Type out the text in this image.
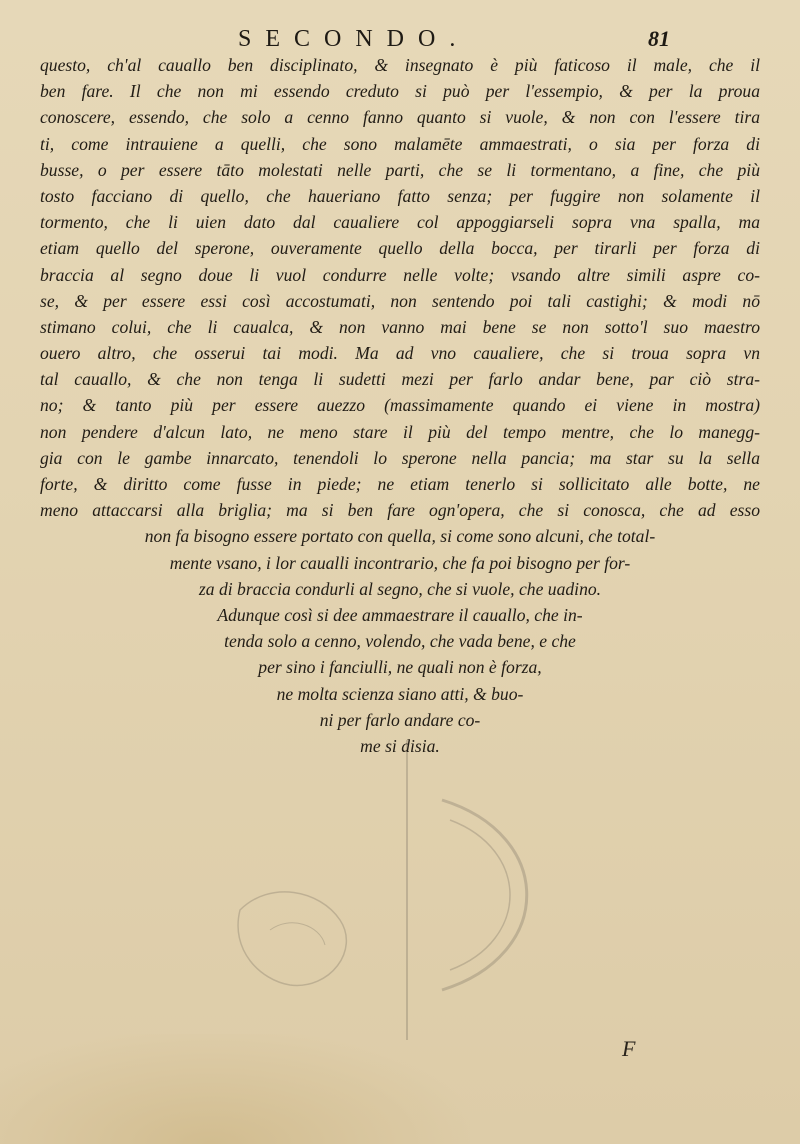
SECONDO.	81
questo, ch'al cauallo ben disciplinato, & insegnato è più faticoso il male, che il
ben fare. Il che non mi essendo creduto si può per l'essempio, & per la proua
conoscere, essendo, che solo a cenno fanno quanto si vuole, & non con l'essere tira
ti, come intrauiene a quelli, che sono malamēte ammaestrati, o sia per forza di
busse, o per essere tāto molestati nelle parti, che se li tormentano, a fine, che più
tosto facciano di quello, che haueriano fatto senza; per fuggire non solamente il
tormento, che li uien dato dal caualiere col appoggiarseli sopra vna spalla, ma
etiam quello del sperone, ouveramente quello della bocca, per tirarli per forza di
braccia al segno doue li vuol condurre nelle volte; vsando altre simili aspre co-
se, & per essere essi così accostumati, non sentendo poi tali castighi; & modi nō
stimano colui, che li caualca, & non vanno mai bene se non sotto'l suo maestro
ouero altro, che osserui tai modi. Ma ad vno caualiere, che si troua sopra vn
tal cauallo, & che non tenga li sudetti mezi per farlo andar bene, par ciò stra-
no; & tanto più per essere auezzo (massimamente quando ei viene in mostra)
non pendere d'alcun lato, ne meno stare il più del tempo mentre, che lo manegg-
gia con le gambe innarcato, tenendoli lo sperone nella pancia; ma star su la sella
forte, & diritto come fusse in piede; ne etiam tenerlo si sollicitato alle botte, ne
meno attaccarsi alla briglia; ma si ben fare ogn'opera, che si conosca, che ad esso
non fa bisogno essere portato con quella, si come sono alcuni, che total-
mente vsano, i lor caualli incontrario, che fa poi bisogno per for-
za di braccia condurli al segno, che si vuole, che uadino.
Adunque così si dee ammaestrare il cauallo, che in-
tenda solo a cenno, volendo, che vada bene, e che
per sino i fanciulli, ne quali non è forza,
ne molta scienza siano atti, & buo-
ni per farlo andare co-
me si disia.
F
